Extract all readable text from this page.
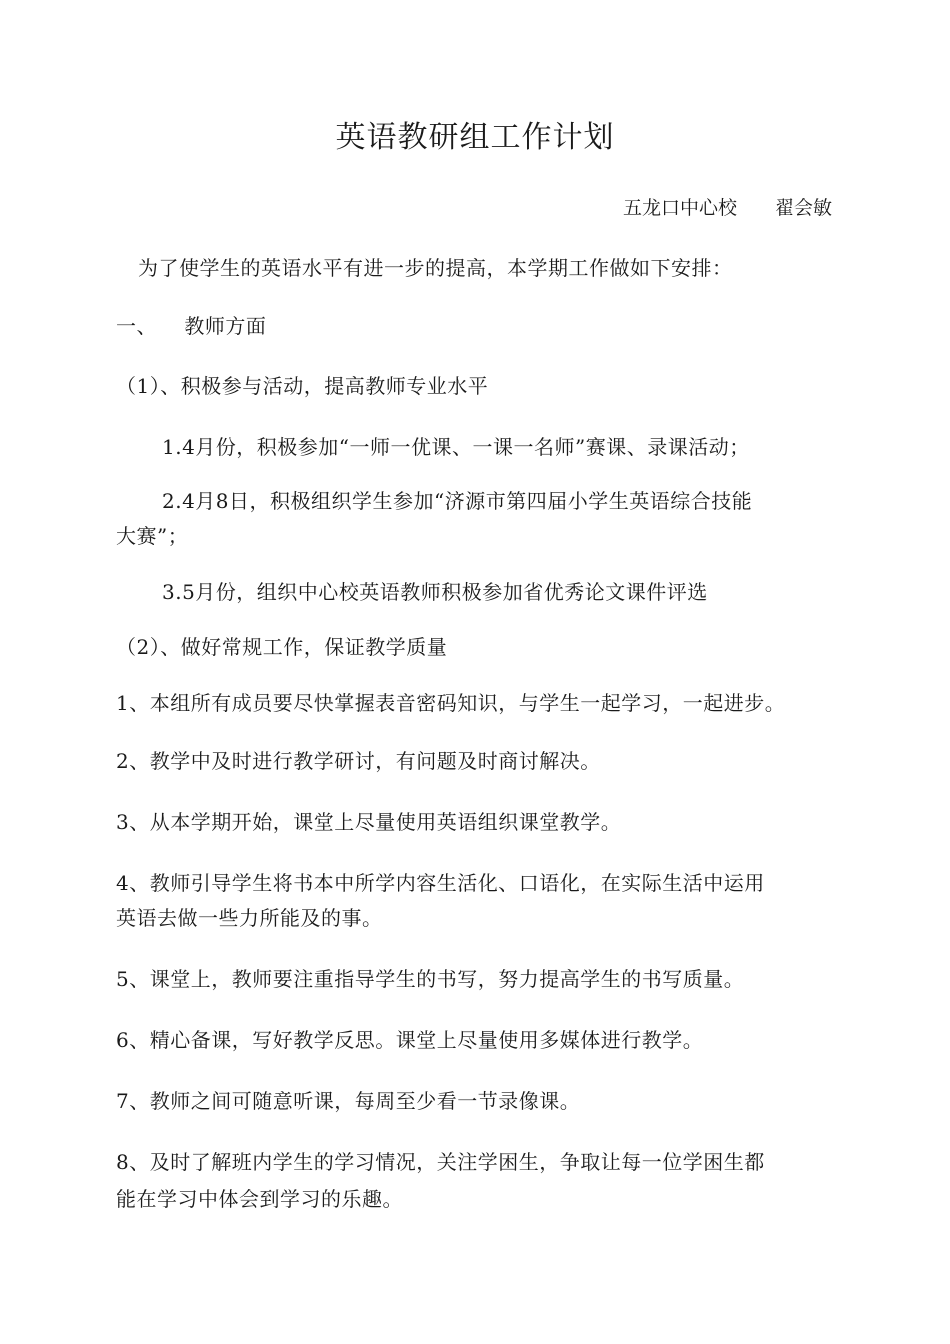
英语教研组工作计划
五龙口中心校 翟会敏
为了使学生的英语水平有进一步的提高，本学期工作做如下安排：
一、    教师方面
（1）、积极参与活动，提高教师专业水平
1.4月份，积极参加“一师一优课、一课一名师”赛课、录课活动；
2.4月8日，积极组织学生参加“济源市第四届小学生英语综合技能
大赛”；
3.5月份，组织中心校英语教师积极参加省优秀论文课件评选
（2）、做好常规工作，保证教学质量
1、本组所有成员要尽快掌握表音密码知识，与学生一起学习，一起进步。
2、教学中及时进行教学研讨，有问题及时商讨解决。
3、从本学期开始，课堂上尽量使用英语组织课堂教学。
4、教师引导学生将书本中所学内容生活化、口语化，在实际生活中运用
英语去做一些力所能及的事。
5、课堂上，教师要注重指导学生的书写，努力提高学生的书写质量。
6、精心备课，写好教学反思。课堂上尽量使用多媒体进行教学。
7、教师之间可随意听课，每周至少看一节录像课。
8、及时了解班内学生的学习情况，关注学困生，争取让每一位学困生都
能在学习中体会到学习的乐趣。
